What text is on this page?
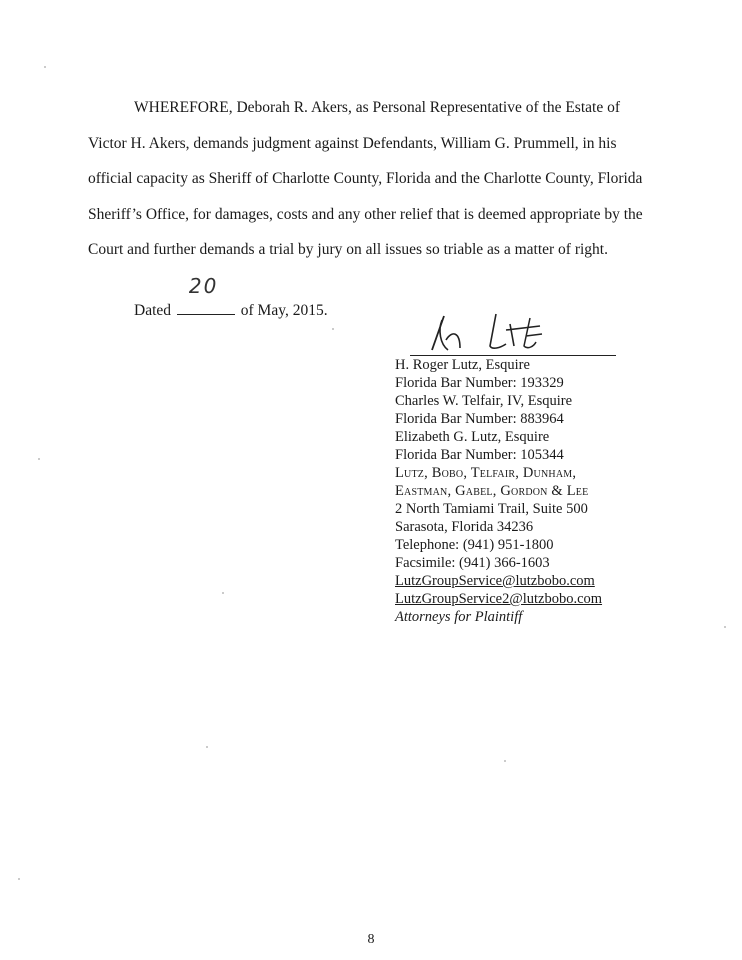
WHEREFORE, Deborah R. Akers, as Personal Representative of the Estate of Victor H. Akers, demands judgment against Defendants, William G. Prummell, in his official capacity as Sheriff of Charlotte County, Florida and the Charlotte County, Florida Sheriff’s Office, for damages, costs and any other relief that is deemed appropriate by the Court and further demands a trial by jury on all issues so triable as a matter of right.

Dated
20
of May, 2015.
H. Roger Lutz, Esquire
Florida Bar Number: 193329
Charles W. Telfair, IV, Esquire
Florida Bar Number: 883964
Elizabeth G. Lutz, Esquire
Florida Bar Number: 105344
Lutz, Bobo, Telfair, Dunham,
Eastman, Gabel, Gordon & Lee
2 North Tamiami Trail, Suite 500
Sarasota, Florida 34236
Telephone: (941) 951-1800
Facsimile: (941) 366-1603
LutzGroupService@lutzbobo.com
LutzGroupService2@lutzbobo.com
Attorneys for Plaintiff
8
